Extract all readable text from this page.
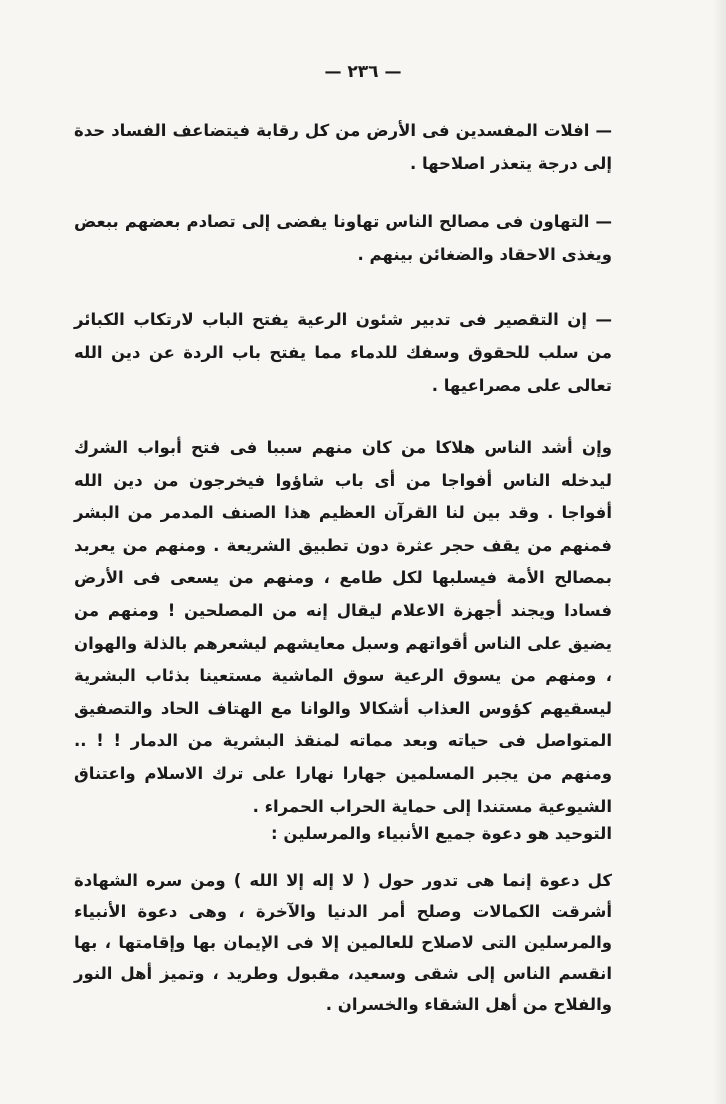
— ٢٣٦ —

— افلات المفسدين فى الأرض من كل رقابة فيتضاعف الفساد حدة إلى درجة يتعذر اصلاحها .

— التهاون فى مصالح الناس تهاونا يفضى إلى تصادم بعضهم ببعض ويغذى الاحقاد والضغائن بينهم .

— إن التقصير فى تدبير شئون الرعية يفتح الباب لارتكاب الكبائر من سلب للحقوق وسفك للدماء مما يفتح باب الردة عن دين الله تعالى على مصراعيها .

وإن أشد الناس هلاكا من كان منهم سببا فى فتح أبواب الشرك ليدخله الناس أفواجا من أى باب شاؤوا فيخرجون من دين الله أفواجا . وقد بين لنا القرآن العظيم هذا الصنف المدمر من البشر فمنهم من يقف حجر عثرة دون تطبيق الشريعة . ومنهم من يعربد بمصالح الأمة فيسلبها لكل طامع ، ومنهم من يسعى فى الأرض فسادا ويجند أجهزة الاعلام ليقال إنه من المصلحين ! ومنهم من يضيق على الناس أقواتهم وسبل معايشهم ليشعرهم بالذلة والهوان ، ومنهم من يسوق الرعية سوق الماشية مستعينا بذئاب البشرية ليسقيهم كؤوس العذاب أشكالا والوانا مع الهتاف الحاد والتصفيق المتواصل فى حياته وبعد مماته لمنقذ البشرية من الدمار ! ! .. ومنهم من يجبر المسلمين جهارا نهارا على ترك الاسلام واعتناق الشيوعية مستندا إلى حماية الحراب الحمراء .

التوحيد هو دعوة جميع الأنبياء والمرسلين :

كل دعوة إنما هى تدور حول ( لا إله إلا الله ) ومن سره الشهادة أشرقت الكمالات وصلح أمر الدنيا والآخرة ، وهى دعوة الأنبياء والمرسلين التى لاصلاح للعالمين إلا فى الإيمان بها وإقامتها ، بها انقسم الناس إلى شقى وسعيد، مقبول وطريد ، وتميز أهل النور والفلاح من أهل الشقاء والخسران .
